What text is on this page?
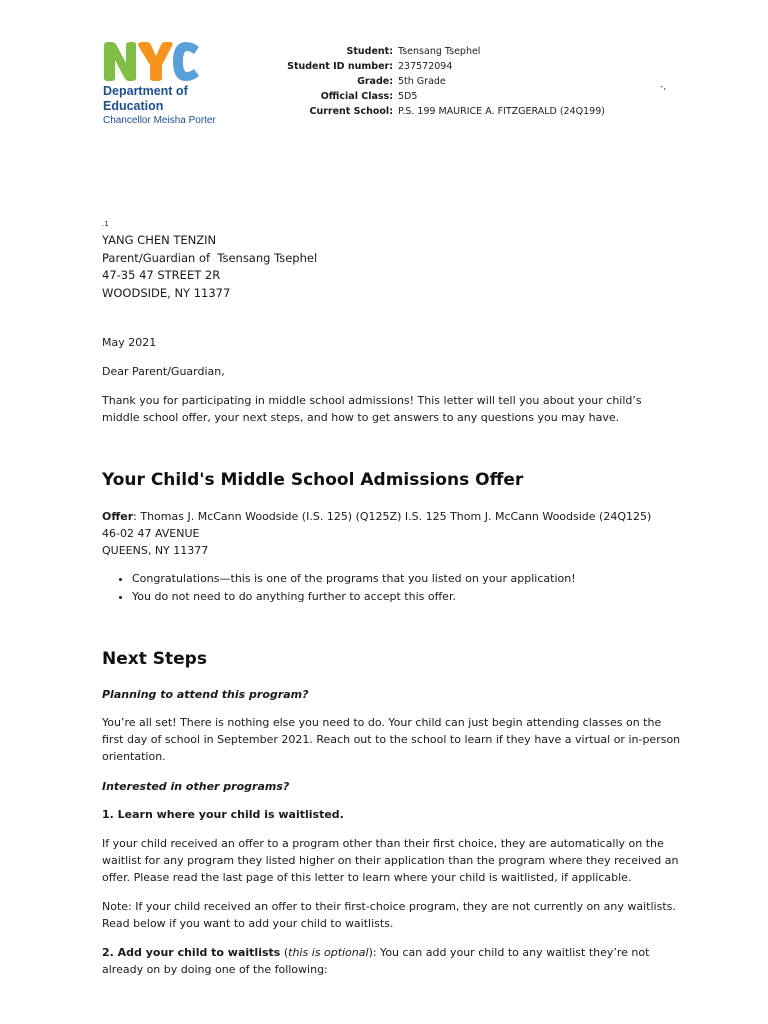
Department of
Education
Chancellor Meisha Porter
Student: Tsensang Tsephel
Student ID number: 237572094
Grade: 5th Grade
Official Class: 5D5
Current School: P.S. 199 MAURICE A. FITZGERALD (24Q199)
-,
.1
YANG CHEN TENZIN
Parent/Guardian of  Tsensang Tsephel
47-35 47 STREET 2R
WOODSIDE, NY 11377
May 2021
Dear Parent/Guardian,
Thank you for participating in middle school admissions! This letter will tell you about your child’s middle school offer, your next steps, and how to get answers to any questions you may have.
Your Child's Middle School Admissions Offer
Offer: Thomas J. McCann Woodside (I.S. 125) (Q125Z) I.S. 125 Thom J. McCann Woodside (24Q125)
46-02 47 AVENUE
QUEENS, NY 11377
• Congratulations—this is one of the programs that you listed on your application!
• You do not need to do anything further to accept this offer.
Next Steps
Planning to attend this program?
You’re all set! There is nothing else you need to do. Your child can just begin attending classes on the first day of school in September 2021. Reach out to the school to learn if they have a virtual or in-person orientation.
Interested in other programs?
1. Learn where your child is waitlisted.
If your child received an offer to a program other than their first choice, they are automatically on the waitlist for any program they listed higher on their application than the program where they received an offer. Please read the last page of this letter to learn where your child is waitlisted, if applicable.
Note: If your child received an offer to their first-choice program, they are not currently on any waitlists. Read below if you want to add your child to waitlists.
2. Add your child to waitlists (this is optional): You can add your child to any waitlist they’re not already on by doing one of the following:
